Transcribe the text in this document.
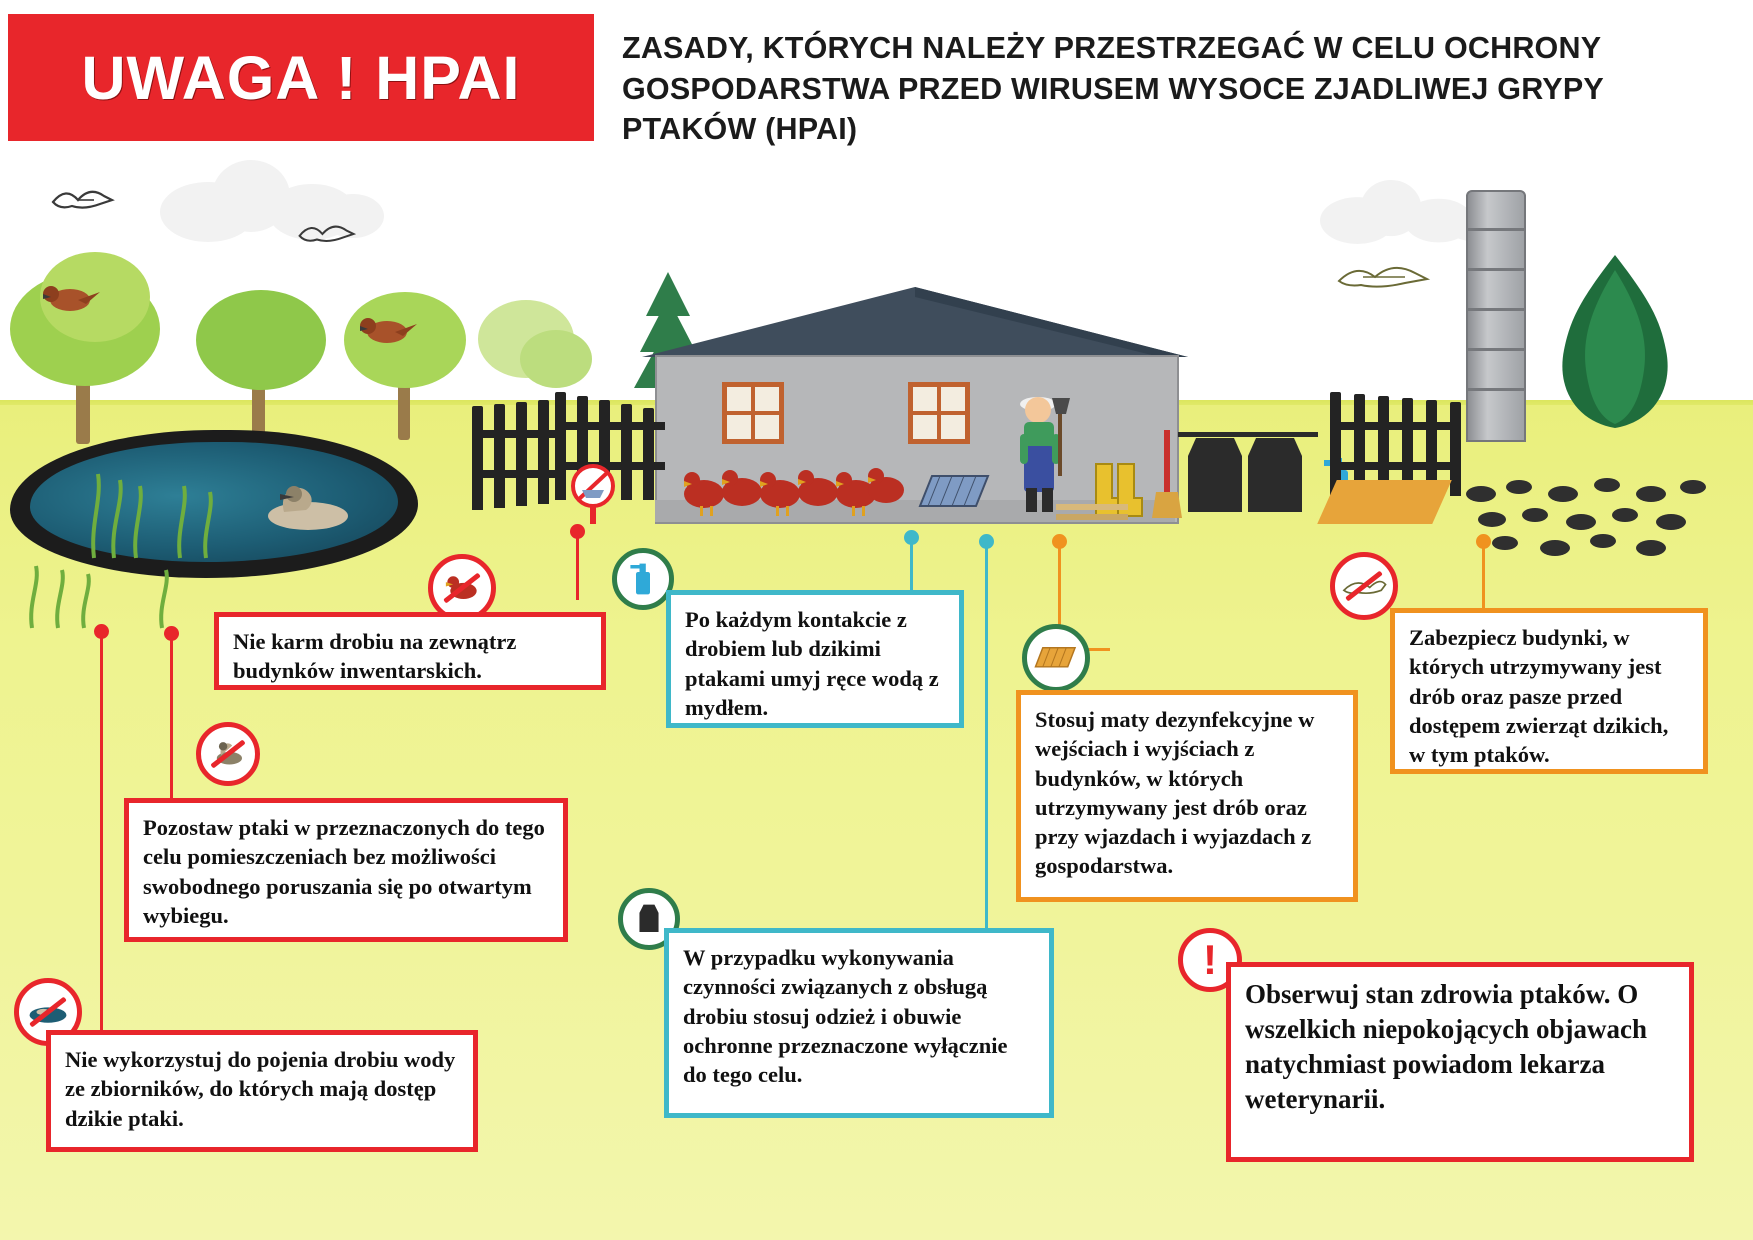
UWAGA ! HPAI	ZASADY, KTÓRYCH NALEŻY PRZESTRZEGAĆ W CELU OCHRONY GOSPODARSTWA PRZED WIRUSEM WYSOCE ZJADLIWEJ GRYPY PTAKÓW (HPAI)
!
Nie karm drobiu na zewnątrz budynków inwentarskich.
Pozostaw ptaki w przeznaczonych do tego celu pomieszczeniach bez możliwości swobodnego poruszania się po otwartym wybiegu.
Nie wykorzystuj do pojenia drobiu wody ze zbiorników, do których mają dostęp dzikie ptaki.
Po każdym kontakcie z drobiem lub dzikimi ptakami umyj ręce wodą z mydłem.
W przypadku wykonywania czynności związanych z obsługą drobiu stosuj odzież i obuwie ochronne przeznaczone wyłącznie do tego celu.
Stosuj maty dezynfekcyjne w wejściach i wyjściach z budynków, w których utrzymywany jest drób oraz przy wjazdach i wyjazdach z gospodarstwa.
Zabezpiecz budynki, w których utrzymywany jest drób oraz pasze przed dostępem zwierząt dzikich, w tym ptaków.
Obserwuj stan zdrowia ptaków. O wszelkich niepokojących objawach natychmiast powiadom lekarza weterynarii.
